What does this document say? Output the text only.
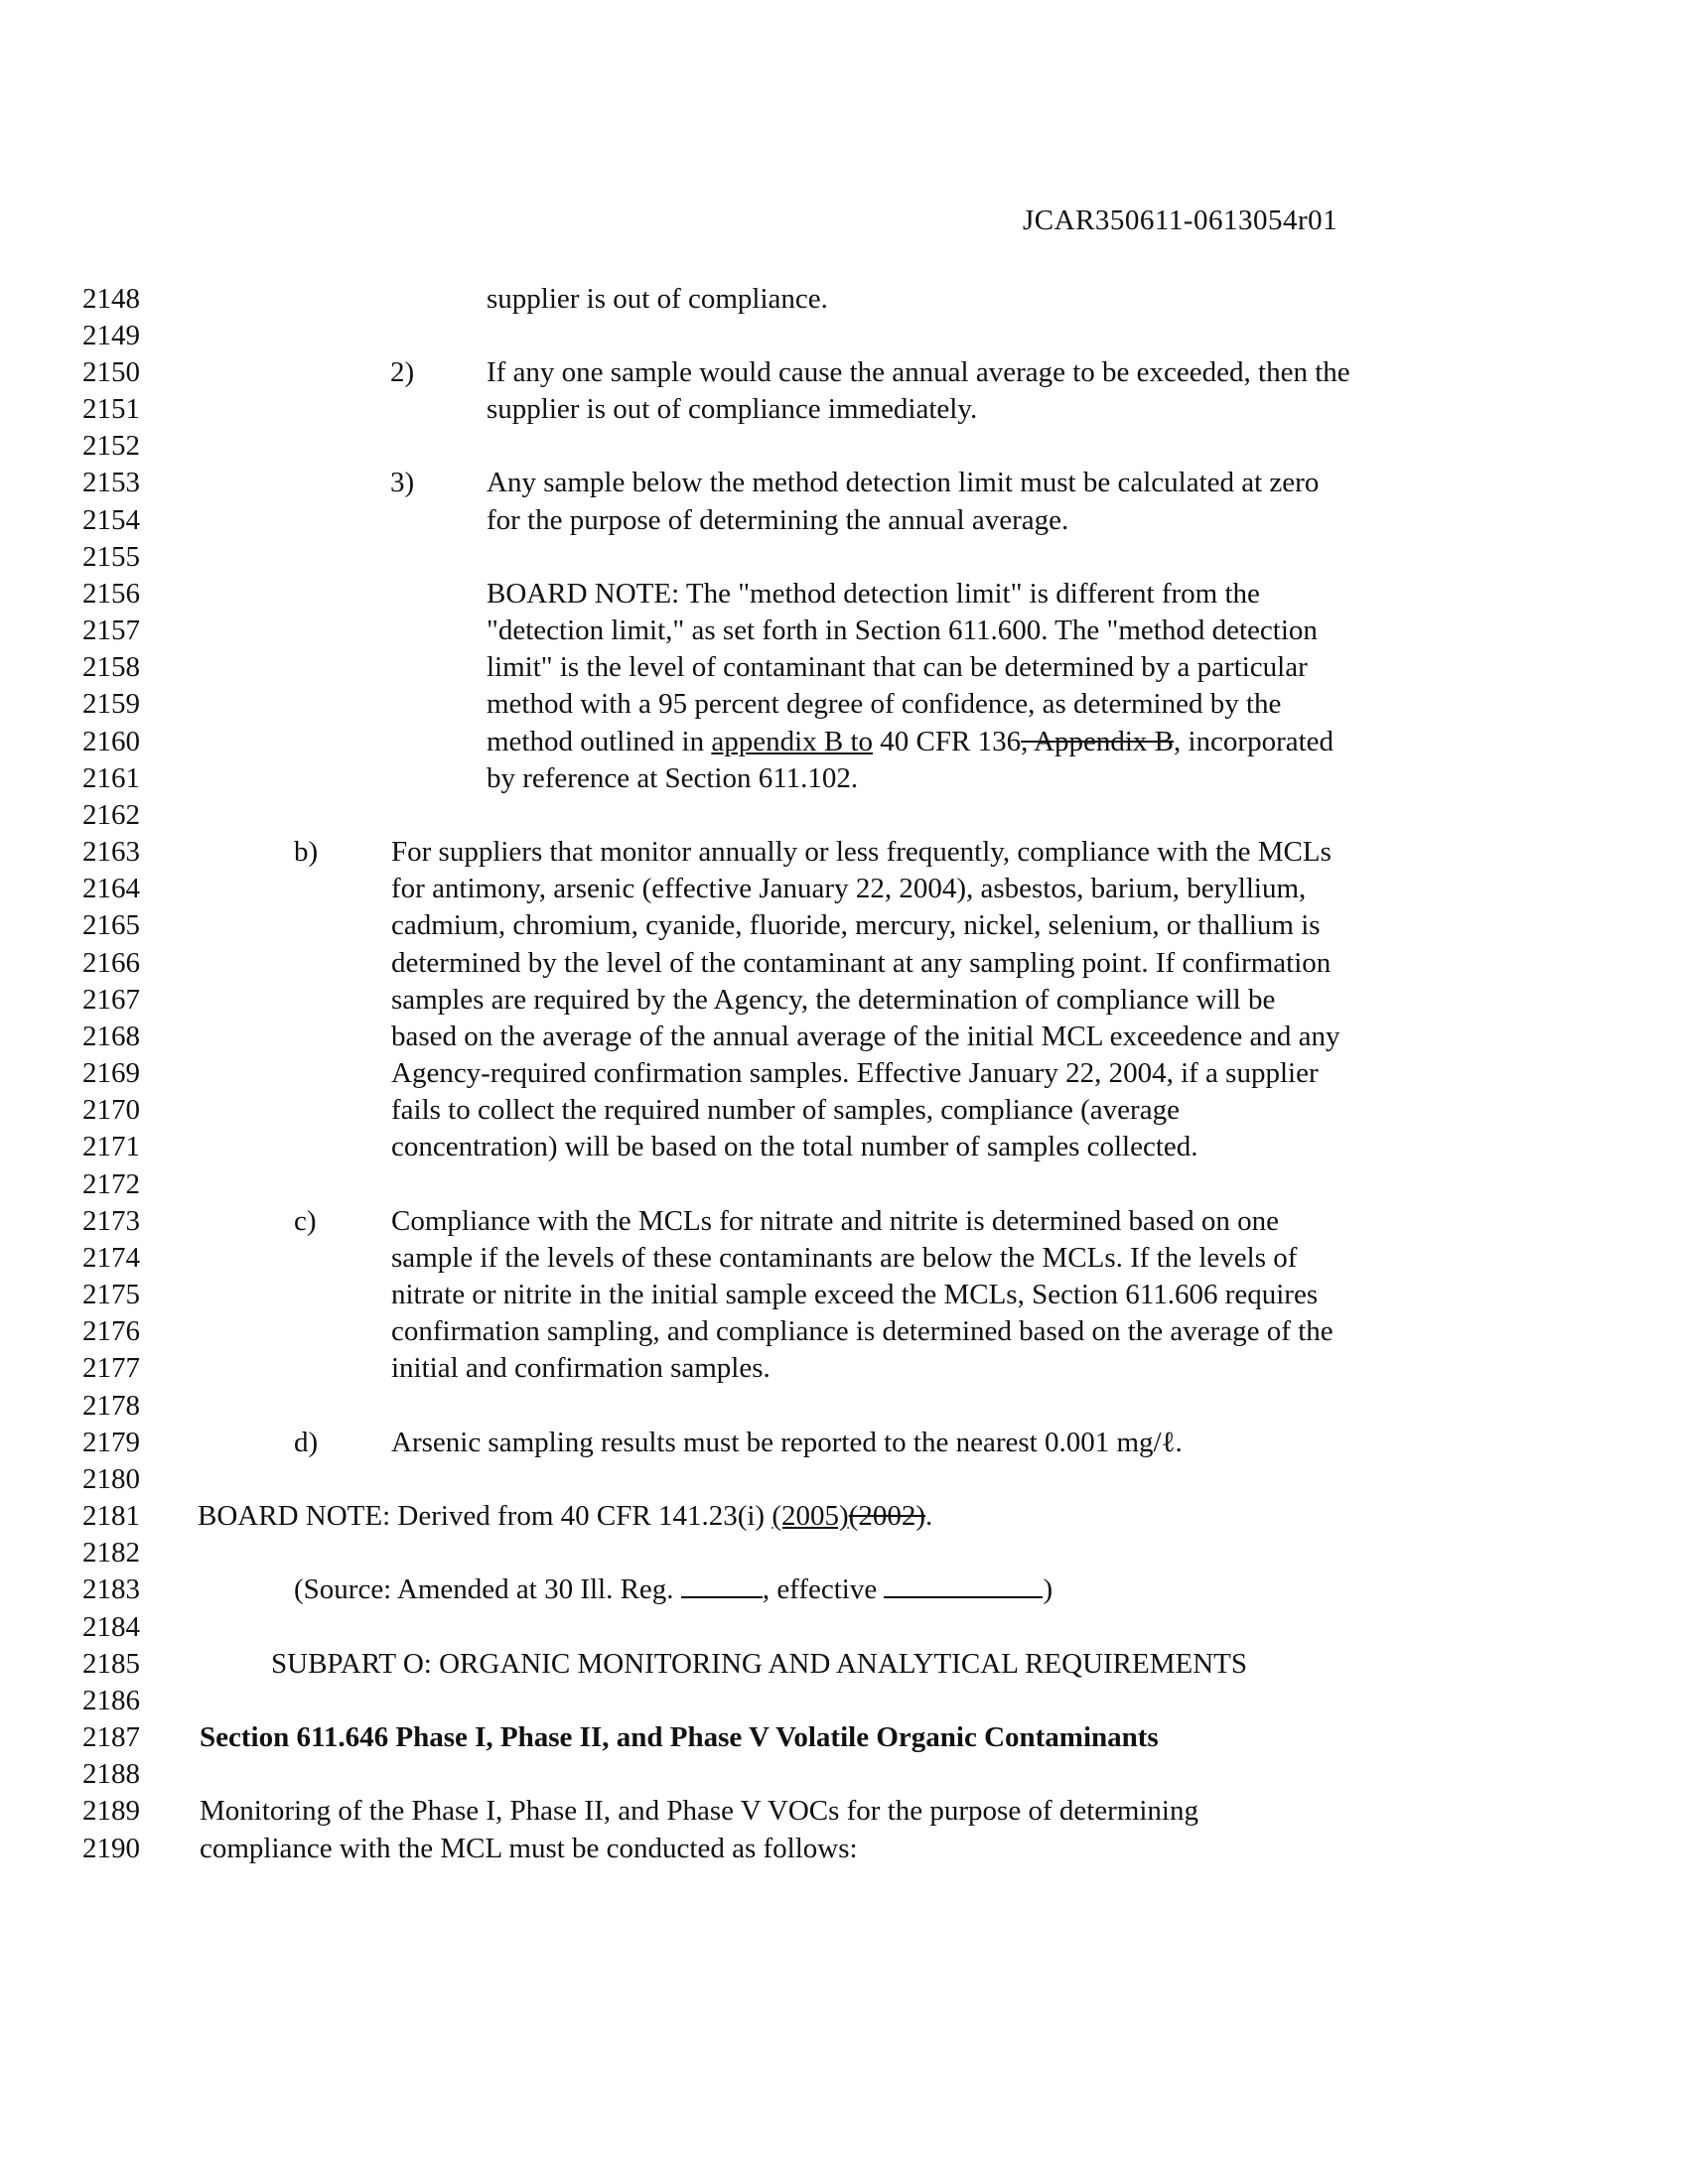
JCAR350611-0613054r01
2148	supplier is out of compliance.
2149
2150	2)	If any one sample would cause the annual average to be exceeded, then the
2151	supplier is out of compliance immediately.
2152
2153	3)	Any sample below the method detection limit must be calculated at zero
2154	for the purpose of determining the annual average.
2155
2156	BOARD NOTE: The "method detection limit" is different from the
2157	"detection limit," as set forth in Section 611.600. The "method detection
2158	limit" is the level of contaminant that can be determined by a particular
2159	method with a 95 percent degree of confidence, as determined by the
2160	method outlined in appendix B to 40 CFR 136, Appendix B, incorporated
2161	by reference at Section 611.102.
2162
2163	b)	For suppliers that monitor annually or less frequently, compliance with the MCLs
2164	for antimony, arsenic (effective January 22, 2004), asbestos, barium, beryllium,
2165	cadmium, chromium, cyanide, fluoride, mercury, nickel, selenium, or thallium is
2166	determined by the level of the contaminant at any sampling point. If confirmation
2167	samples are required by the Agency, the determination of compliance will be
2168	based on the average of the annual average of the initial MCL exceedence and any
2169	Agency-required confirmation samples. Effective January 22, 2004, if a supplier
2170	fails to collect the required number of samples, compliance (average
2171	concentration) will be based on the total number of samples collected.
2172
2173	c)	Compliance with the MCLs for nitrate and nitrite is determined based on one
2174	sample if the levels of these contaminants are below the MCLs. If the levels of
2175	nitrate or nitrite in the initial sample exceed the MCLs, Section 611.606 requires
2176	confirmation sampling, and compliance is determined based on the average of the
2177	initial and confirmation samples.
2178
2179	d)	Arsenic sampling results must be reported to the nearest 0.001 mg/ℓ.
2180
2181	BOARD NOTE: Derived from 40 CFR 141.23(i) (2005)(2002).
2182
2183	(Source: Amended at 30 Ill. Reg.	, effective	)
2184
2185	SUBPART O: ORGANIC MONITORING AND ANALYTICAL REQUIREMENTS
2186
2187	Section 611.646 Phase I, Phase II, and Phase V Volatile Organic Contaminants
2188
2189	Monitoring of the Phase I, Phase II, and Phase V VOCs for the purpose of determining
2190	compliance with the MCL must be conducted as follows:
